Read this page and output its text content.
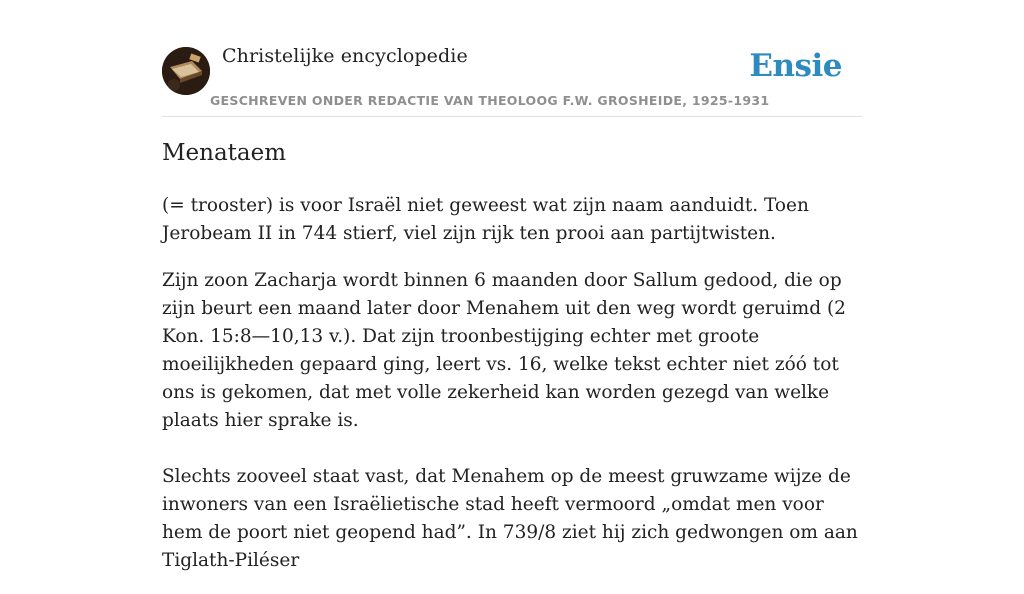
Christelijke encyclopedie
GESCHREVEN ONDER REDACTIE VAN THEOLOOG F.W. GROSHEIDE, 1925-1931
Ensie
Menataem

(= trooster) is voor Israël niet geweest wat zijn naam aanduidt. Toen Jerobeam II in 744 stierf, viel zijn rijk ten prooi aan partijtwisten.

Zijn zoon Zacharja wordt binnen 6 maanden door Sallum gedood, die op zijn beurt een maand later door Menahem uit den weg wordt geruimd (2 Kon. 15:8—10,13 v.). Dat zijn troonbestijging echter met groote moeilijkheden gepaard ging, leert vs. 16, welke tekst echter niet zóó tot ons is gekomen, dat met volle zekerheid kan worden gezegd van welke plaats hier sprake is.

Slechts zooveel staat vast, dat Menahem op de meest gruwzame wijze de inwoners van een Israëlietische stad heeft vermoord „omdat men voor hem de poort niet geopend had”. In 739/8 ziet hij zich gedwongen om aan Tiglath-Piléser
